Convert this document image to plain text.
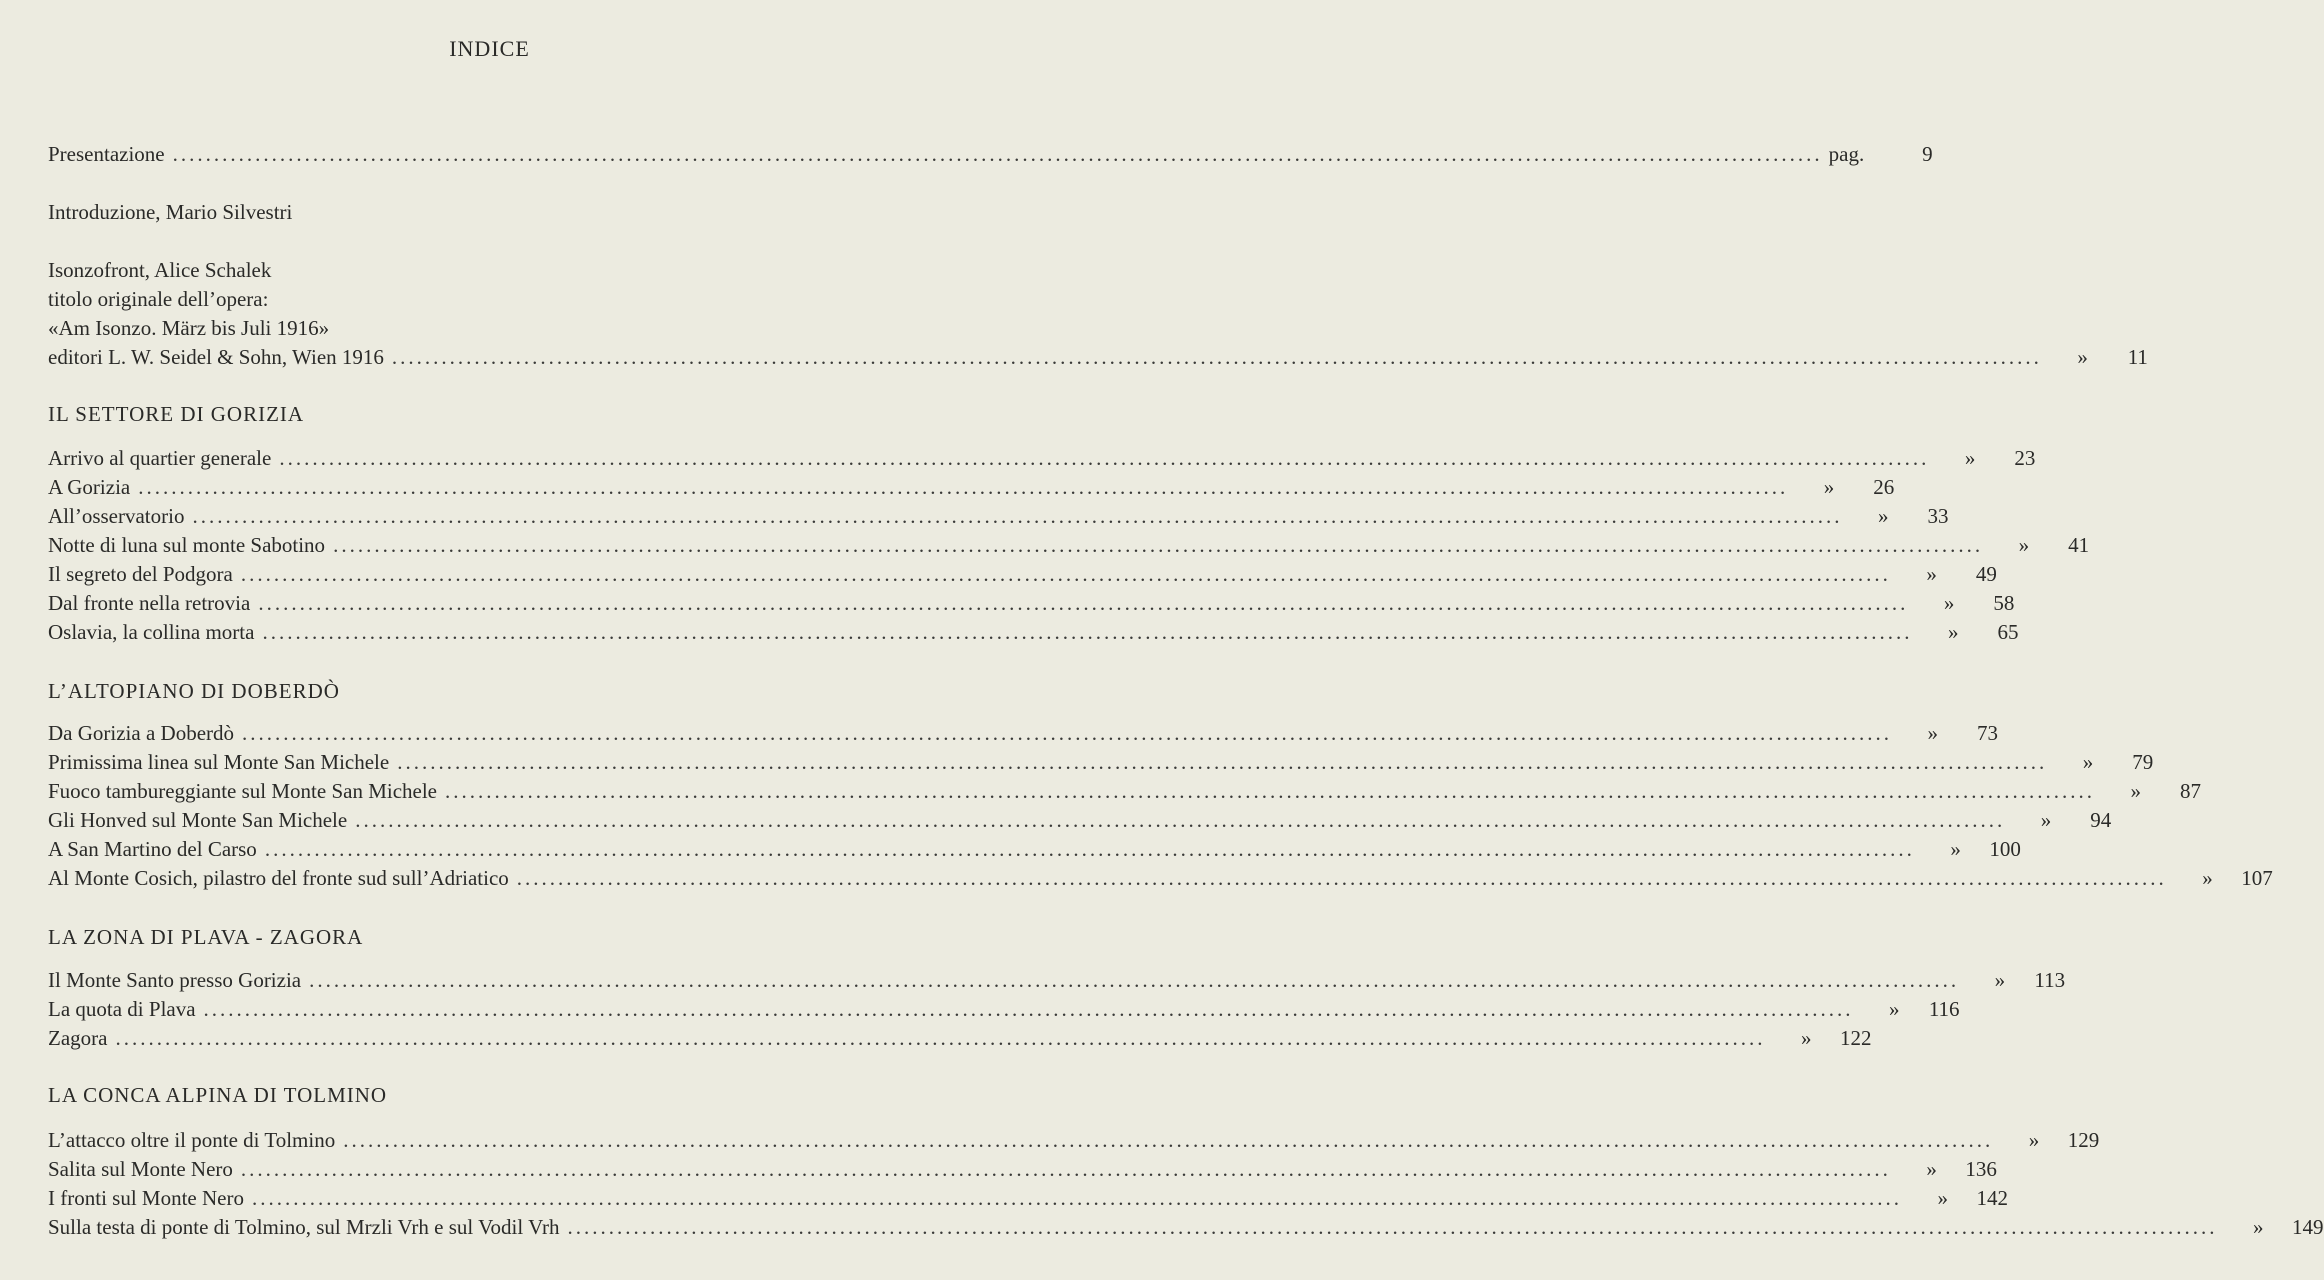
INDICE
Presentazione ........................................................................................................................................................................................................ pag.	9
Introduzione, Mario Silvestri
Isonzofront, Alice Schalek
titolo originale dell’opera:
«Am Isonzo. März bis Juli 1916»
editori L. W. Seidel & Sohn, Wien 1916 ........................................................................................................................................................................................................	»	11
IL SETTORE DI GORIZIA
Arrivo al quartier generale ........................................................................................................................................................................................................	»	23
A Gorizia ........................................................................................................................................................................................................	»	26
All’osservatorio ........................................................................................................................................................................................................	»	33
Notte di luna sul monte Sabotino ........................................................................................................................................................................................................	»	41
Il segreto del Podgora ........................................................................................................................................................................................................	»	49
Dal fronte nella retrovia ........................................................................................................................................................................................................	»	58
Oslavia, la collina morta ........................................................................................................................................................................................................	»	65
L’ALTOPIANO DI DOBERDÒ
Da Gorizia a Doberdò ........................................................................................................................................................................................................	»	73
Primissima linea sul Monte San Michele ........................................................................................................................................................................................................	»	79
Fuoco tambureggiante sul Monte San Michele ........................................................................................................................................................................................................	»	87
Gli Honved sul Monte San Michele ........................................................................................................................................................................................................	»	94
A San Martino del Carso ........................................................................................................................................................................................................	»	100
Al Monte Cosich, pilastro del fronte sud sull’Adriatico ........................................................................................................................................................................................................	»	107
LA ZONA DI PLAVA - ZAGORA
Il Monte Santo presso Gorizia ........................................................................................................................................................................................................	»	113
La quota di Plava ........................................................................................................................................................................................................	»	116
Zagora ........................................................................................................................................................................................................	»	122
LA CONCA ALPINA DI TOLMINO
L’attacco oltre il ponte di Tolmino ........................................................................................................................................................................................................	»	129
Salita sul Monte Nero ........................................................................................................................................................................................................	»	136
I fronti sul Monte Nero ........................................................................................................................................................................................................	»	142
Sulla testa di ponte di Tolmino, sul Mrzli Vrh e sul Vodil Vrh ........................................................................................................................................................................................................	»	149
